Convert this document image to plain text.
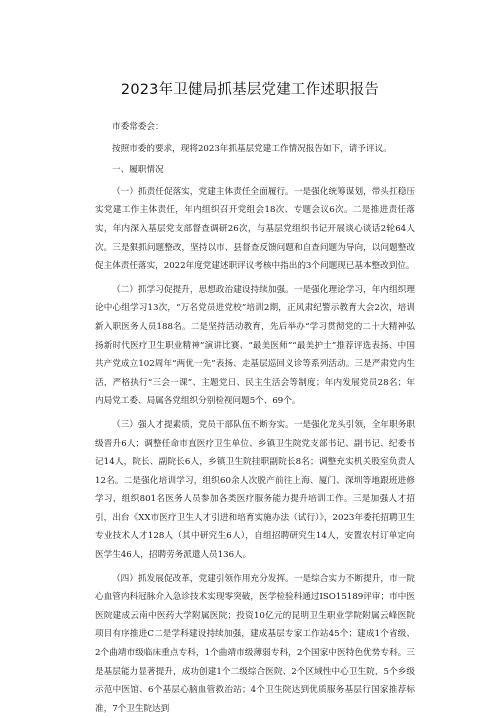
2023年卫健局抓基层党建工作述职报告

市委常委会：

按照市委的要求，现将2023年抓基层党建工作情况报告如下，请予评议。

一、履职情况

（一）抓责任促落实，党建主体责任全面履行。一是强化统筹谋划，带头扛稳压实党建工作主体责任，年内组织召开党组会18次、专题会议6次。二是推进责任落实，年内深入基层党支部督查调研26次，与基层党组织书记开展谈心谈话2轮64人次。三是狠抓问题整改，坚持以市、县督查反馈问题和自查问题为导向，以问题整改促主体责任落实，2022年度党建述职评议考核中指出的3个问题现已基本整改到位。

（二）抓学习促提升，思想政治建设持续加强。一是强化理论学习，年内组织理论中心组学习13次，“万名党员进党校”培训2期，正风肃纪警示教育大会2次，培训新入职医务人员188名。二是坚持活动教育，先后举办“学习贯彻党的二十大精神弘扬新时代医疗卫生职业精神”演讲比赛、“最美医师”“最美护士”推荐评选表扬、中国共产党成立102周年“两优一先”表扬、走基层巡回义诊等系列活动。三是严肃党内生活，严格执行“三会一课”、主题党日、民主生活会等制度；年内发展党员28名；年内局党工委、局属各党组织分别检视问题5个、69个。

（三）强人才提素质，党员干部队伍不断夯实。一是强化龙头引领，全年职务职级晋升6人；调整任命市直医疗卫生单位、乡镇卫生院党支部书记、副书记、纪委书记14人，院长、副院长6人，乡镇卫生院挂职副院长8名；调整充实机关股室负责人12名。二是强化培训学习，组织60余人次脱产前往上海、厦门、深圳等地跟班进修学习，组织801名医务人员参加各类医疗服务能力提升培训工作。三是加强人才招引，出台《XX市医疗卫生人才引进和培育实施办法（试行）》，2023年委托招聘卫生专业技术人才128人（其中研究生6人），自组招聘研究生14人，安置农村订单定向医学生46人，招聘劳务派遣人员136人。

（四）抓发展促改革，党建引领作用充分发挥。一是综合实力不断提升，市一院心血管内科冠脉介入急诊技术实现零突破，医学检验科通过ISO15189评审；市中医医院建成云南中医药大学附属医院；投资10亿元的昆明卫生职业学院附属云峰医院项目有序推进C二是学科建设持续加强，建成基层专家工作站45个；建成1个省级、2个曲靖市级临床重点专科，1个曲靖市级薄弱专科，2个国家中医特色优势专科。三是基层能力显著提升，成功创建1个二级综合医院、2个区域性中心卫生院，5个乡级示范中医馆、6个基层心脑血管救治站；4个卫生院达到优质服务基层行国家推荐标准，7个卫生院达到
